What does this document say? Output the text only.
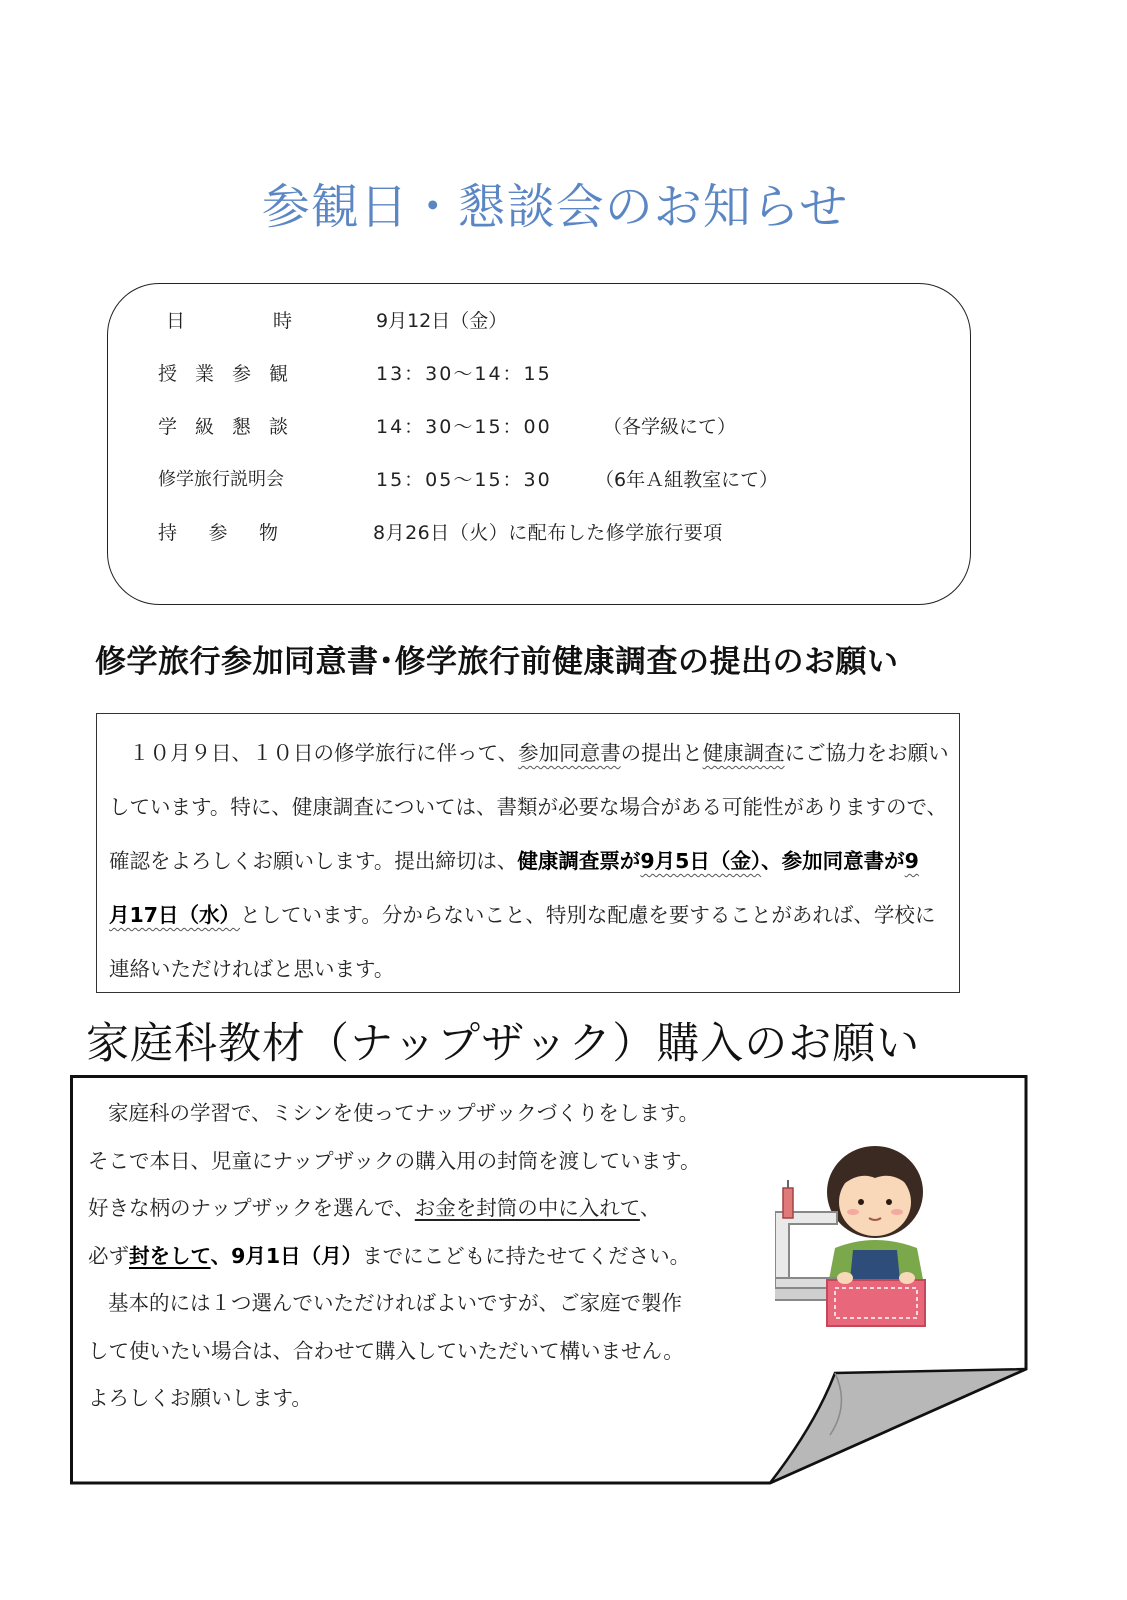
参観日・懇談会のお知らせ
日	時	9月12日（金）
授 業 参 観	13：30〜14：15
学 級 懇 談	14：30〜15：00	（各学級にて）
修学旅行説明会	15：05〜15：30 （6年Ａ組教室にて）
持 参 物	8月26日（火）に配布した修学旅行要項
修学旅行参加同意書･修学旅行前健康調査の提出のお願い
１０月９日、１０日の修学旅行に伴って、参加同意書の提出と健康調査にご協力をお願い
しています。特に、健康調査については、書類が必要な場合がある可能性がありますので、
確認をよろしくお願いします。提出締切は、健康調査票が9月5日（金）、参加同意書が9
月17日（水）としています。分からないこと、特別な配慮を要することがあれば、学校に
連絡いただければと思います。
家庭科教材（ナップザック）購入のお願い
家庭科の学習で、ミシンを使ってナップザックづくりをします。
そこで本日、児童にナップザックの購入用の封筒を渡しています。
好きな柄のナップザックを選んで、お金を封筒の中に入れて、
必ず封をして、9月1日（月）までにこどもに持たせてください。
基本的には１つ選んでいただければよいですが、ご家庭で製作
して使いたい場合は、合わせて購入していただいて構いません。
よろしくお願いします。
